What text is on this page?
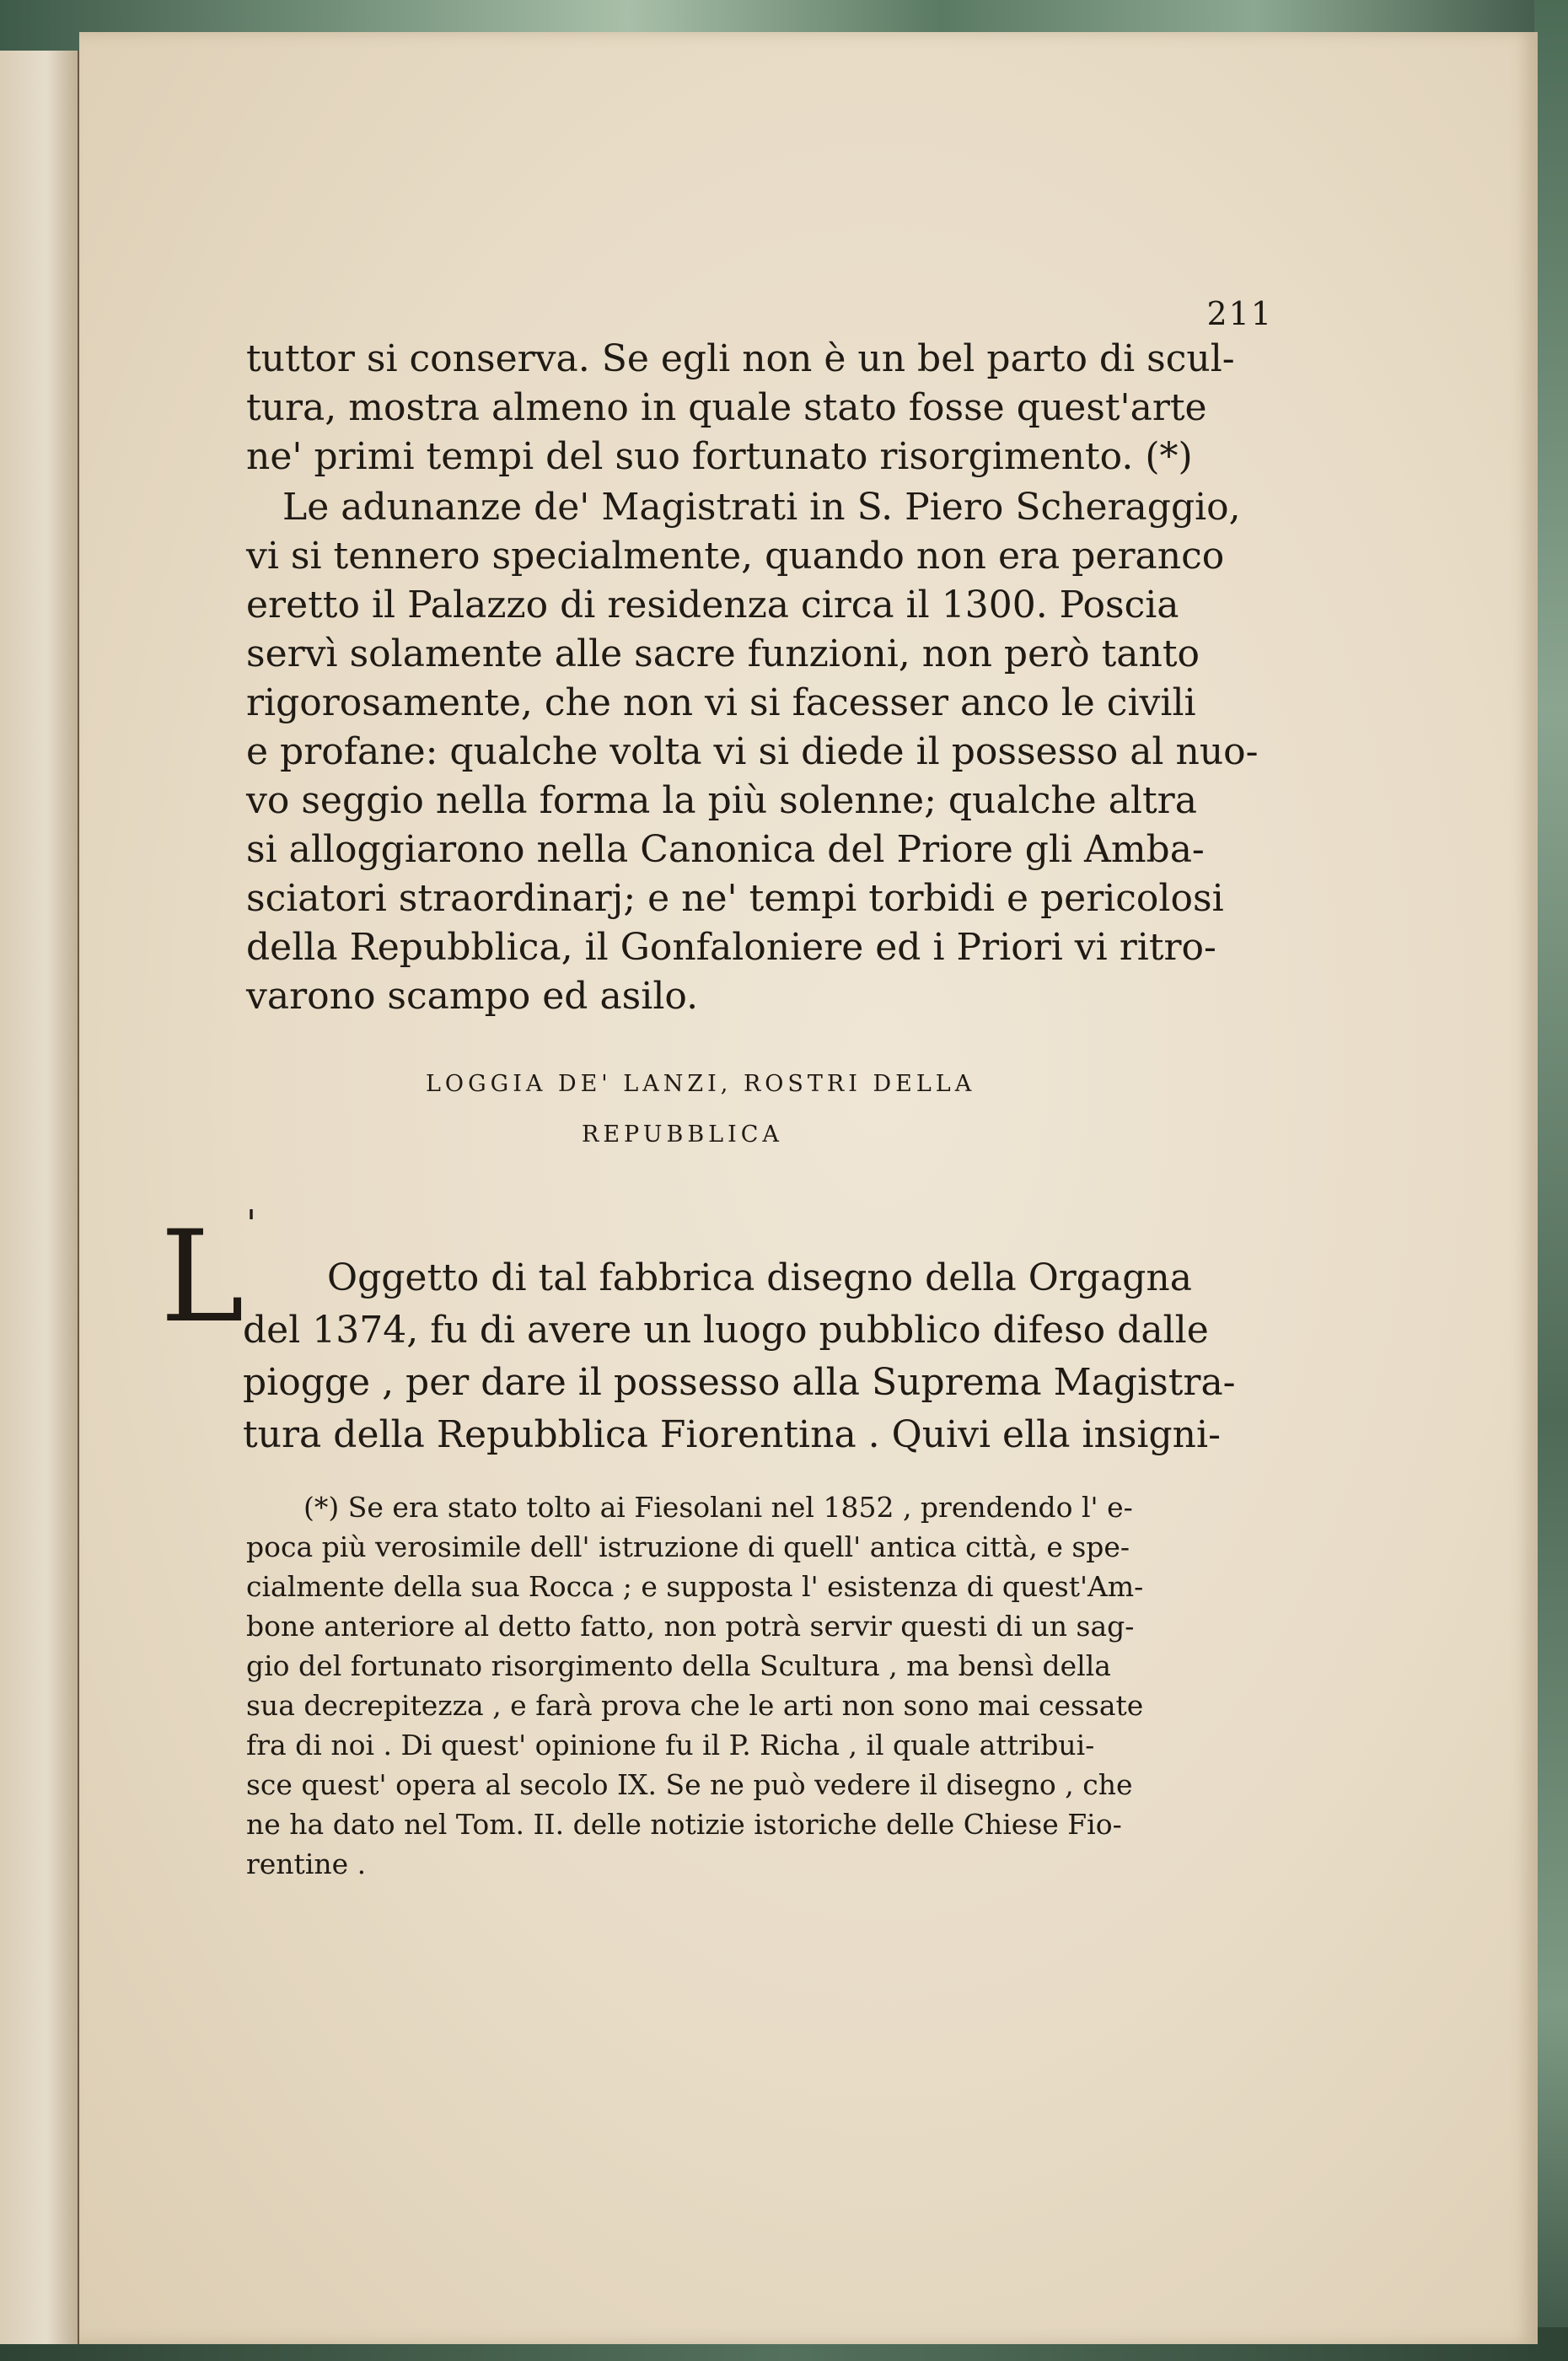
211
tuttor si conserva. Se egli non è un bel parto di scul-
tura, mostra almeno in quale stato fosse quest'arte
ne' primi tempi del suo fortunato risorgimento. (*)
Le adunanze de' Magistrati in S. Piero Scheraggio,
vi si tennero specialmente, quando non era peranco
eretto il Palazzo di residenza circa il 1300. Poscia
servì solamente alle sacre funzioni, non però tanto
rigorosamente, che non vi si facesser anco le civili
e profane: qualche volta vi si diede il possesso al nuo-
vo seggio nella forma la più solenne; qualche altra
si alloggiarono nella Canonica del Priore gli Amba-
sciatori straordinarj; e ne' tempi torbidi e pericolosi
della Repubblica, il Gonfaloniere ed i Priori vi ritro-
varono scampo ed asilo.
LOGGIA DE' LANZI, ROSTRI DELLA
REPUBBLICA
L '
Oggetto di tal fabbrica disegno della Orgagna
del 1374, fu di avere un luogo pubblico difeso dalle
piogge , per dare il possesso alla Suprema Magistra-
tura della Repubblica Fiorentina . Quivi ella insigni-
(*) Se era stato tolto ai Fiesolani nel 1852 , prendendo l' e-
poca più verosimile dell' istruzione di quell' antica città, e spe-
cialmente della sua Rocca ; e supposta l' esistenza di quest'Am-
bone anteriore al detto fatto, non potrà servir questi di un sag-
gio del fortunato risorgimento della Scultura , ma bensì della
sua decrepitezza , e farà prova che le arti non sono mai cessate
fra di noi . Di quest' opinione fu il P. Richa , il quale attribui-
sce quest' opera al secolo IX. Se ne può vedere il disegno , che
ne ha dato nel Tom. II. delle notizie istoriche delle Chiese Fio-
rentine .
